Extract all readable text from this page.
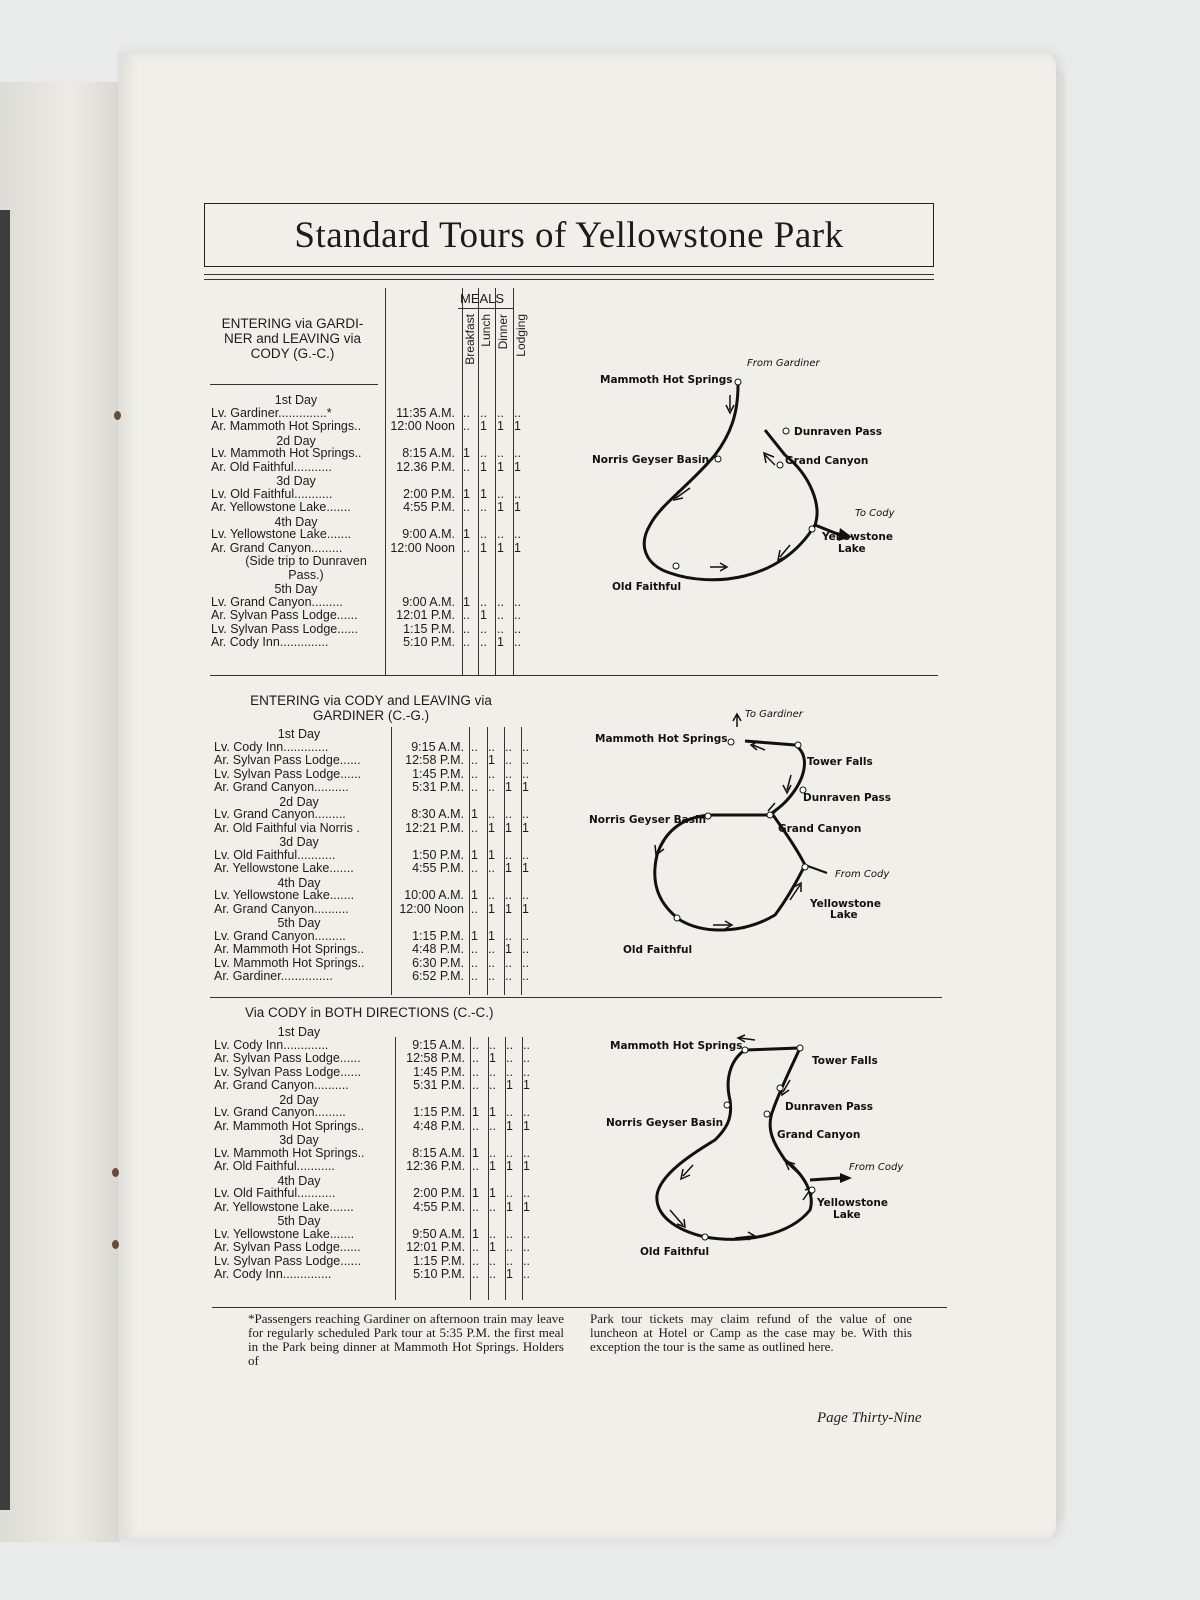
Standard Tours of Yellowstone Park
ENTERING via GARDI-
NER and LEAVING via
CODY (G.-C.)
1st Day
Lv. Gardiner..............*	11:35 A.M. .. .. .. ..
Ar. Mammoth Hot Springs.. 12:00 Noon .. 1 1 1
2d Day
Lv. Mammoth Hot Springs..	8:15 A.M. 1 .. .. ..
Ar. Old Faithful...........	12.36 P.M. .. 1 1 1
3d Day
Lv. Old Faithful...........	2:00 P.M. 1 1 .. ..
Ar. Yellowstone Lake.......	4:55 P.M. .. .. 1 1
4th Day
Lv. Yellowstone Lake.......	9:00 A.M. 1 .. .. ..
Ar. Grand Canyon.........	12:00 Noon .. 1 1 1
(Side trip to Dunraven
Pass.)
5th Day
Lv. Grand Canyon.........	9:00 A.M. 1 .. .. ..
Ar. Sylvan Pass Lodge......	12:01 P.M. .. 1 .. ..
Lv. Sylvan Pass Lodge......	1:15 P.M. .. .. .. ..
Ar. Cody Inn..............	5:10 P.M. .. .. 1 ..
MEALS
Breakfast Lunch Dinner Lodging
ENTERING via CODY and LEAVING via
GARDINER (C.-G.)
1st Day
Lv. Cody Inn.............	9:15 A.M. .. .. .. ..
Ar. Sylvan Pass Lodge......	12:58 P.M. .. 1 .. ..
Lv. Sylvan Pass Lodge......	1:45 P.M. .. .. .. ..
Ar. Grand Canyon..........	5:31 P.M. .. .. 1 1
2d Day
Lv. Grand Canyon.........	8:30 A.M. 1 .. .. ..
Ar. Old Faithful via Norris .	12:21 P.M. .. 1 1 1
3d Day
Lv. Old Faithful...........	1:50 P.M. 1 1 .. ..
Ar. Yellowstone Lake.......	4:55 P.M. .. .. 1 1
4th Day
Lv. Yellowstone Lake.......	10:00 A.M. 1 .. .. ..
Ar. Grand Canyon..........	12:00 Noon .. 1 1 1
5th Day
Lv. Grand Canyon.........	1:15 P.M. 1 1 .. ..
Ar. Mammoth Hot Springs..	4:48 P.M. .. .. 1 ..
Lv. Mammoth Hot Springs..	6:30 P.M. .. .. .. ..
Ar. Gardiner...............	6:52 P.M. .. .. .. ..
Via CODY in BOTH DIRECTIONS (C.-C.)
1st Day
Lv. Cody Inn.............	9:15 A.M. .. .. .. ..
Ar. Sylvan Pass Lodge......	12:58 P.M. .. 1 .. ..
Lv. Sylvan Pass Lodge......	1:45 P.M. .. .. .. ..
Ar. Grand Canyon..........	5:31 P.M. .. .. 1 1
2d Day
Lv. Grand Canyon.........	1:15 P.M. 1 1 .. ..
Ar. Mammoth Hot Springs..	4:48 P.M. .. .. 1 1
3d Day
Lv. Mammoth Hot Springs..	8:15 A.M. 1 .. .. ..
Ar. Old Faithful...........	12:36 P.M. .. 1 1 1
4th Day
Lv. Old Faithful...........	2:00 P.M. 1 1 .. ..
Ar. Yellowstone Lake.......	4:55 P.M. .. .. 1 1
5th Day
Lv. Yellowstone Lake.......	9:50 A.M. 1 .. .. ..
Ar. Sylvan Pass Lodge......	12:01 P.M. .. 1 .. ..
Lv. Sylvan Pass Lodge......	1:15 P.M. .. .. .. ..
Ar. Cody Inn..............	5:10 P.M. .. .. 1 ..
From Gardiner
Mammoth Hot Springs
Dunraven Pass
Norris Geyser Basin	Grand Canyon
To Cody
Yellowstone
Lake
Old Faithful
To Gardiner
Mammoth Hot Springs
Tower Falls
Dunraven Pass
Norris Geyser Basin
Grand Canyon
From Cody
Yellowstone
Lake
Old Faithful
Mammoth Hot Springs
Tower Falls
Dunraven Pass
Norris Geyser Basin
Grand Canyon
From Cody
Yellowstone
Lake
Old Faithful
*Passengers reaching Gardiner on afternoon train may leave for regularly scheduled Park tour at 5:35 P.M. the first meal in the Park being dinner at Mammoth Hot Springs. Holders of
Park tour tickets may claim refund of the value of one luncheon at Hotel or Camp as the case may be. With this exception the tour is the same as outlined here.
Page Thirty-Nine
